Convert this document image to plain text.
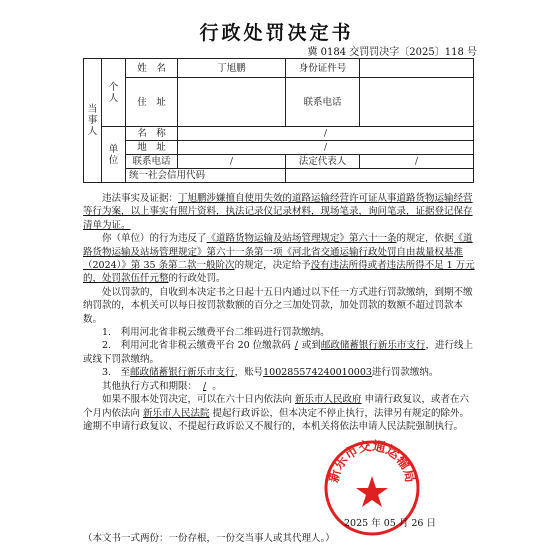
行政处罚决定书
冀 0184 交罚罚决字〔2025〕118 号
当事人	个人	姓　名	丁旭鹏	身份证件号	
		住　址		联系电话	
	单位	名　称	/		
		地　址	/		
		联系电话	/	法定代表人	/
		统一社会信用代码			

违法事实及证据：丁旭鹏涉嫌擅自使用失效的道路运输经营许可证从事道路货物运输经营等行为案，以上事实有照片资料，执法记录仪记录材料，现场笔录，询问笔录，证据登记保存清单为证。

你（单位）的行为违反了《道路货物运输及站场管理规定》第六十一条的规定，依据《道路货物运输及站场管理规定》第六十一条第一项《河北省交通运输行政处罚自由裁量权基准（2024）》第 35 条第二款一般阶次的规定，决定给予没有违法所得或者违法所得不足 1 万元的，处罚款伍仟元整的行政处罚。

处以罚款的，自收到本决定书之日起十五日内通过以下任一方式进行罚款缴纳，到期不缴纳罚款的，本机关可以每日按罚款数额的百分之三加处罚款，加处罚款的数额不超过罚款本数。

1.　利用河北省非税云缴费平台二维码进行罚款缴纳。

2.　利用河北省非税云缴费平台 20 位缴款码 / 或到邮政储蓄银行新乐市支行，进行线上或线下罚款缴纳。

3.　至邮政储蓄银行新乐市支行，账号100285574240010003进行罚款缴纳。

其他执行方式和期限： / 。

如果不服本处罚决定，可以在六十日内依法向 新乐市人民政府 申请行政复议，或者在六个月内依法向 新乐市人民法院 提起行政诉讼，但本决定不停止执行，法律另有规定的除外。逾期不申请行政复议、不提起行政诉讼又不履行的，本机关将依法申请人民法院强制执行。

新乐市交通运输局
2025 年 05 月 26 日
（本文书一式两份：一份存根，一份交当事人或其代理人。）
